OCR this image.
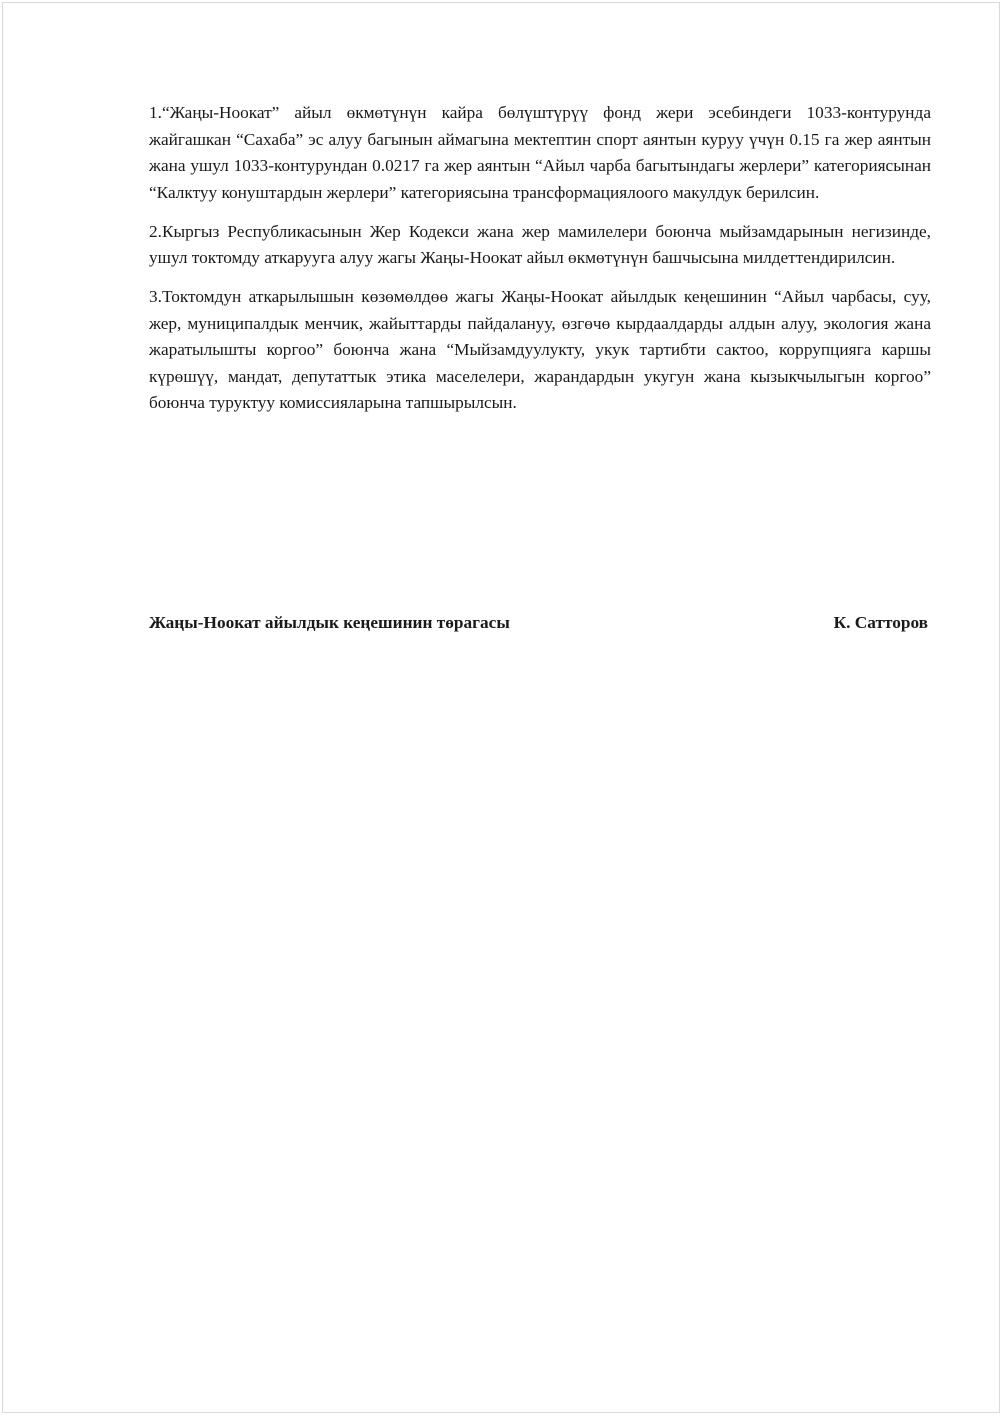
1.“Жаңы-Ноокат” айыл өкмөтүнүн кайра бөлүштүрүү фонд жери эсебиндеги 1033-контурунда жайгашкан “Сахаба” эс алуу багынын аймагына мектептин спорт аянтын куруу үчүн 0.15 га жер аянтын жана ушул 1033-контурундан 0.0217 га жер аянтын “Айыл чарба багытындагы жерлери” категориясынан “Калктуу конуштардын жерлери” категориясына трансформациялоого макулдук берилсин.

2.Кыргыз Республикасынын Жер Кодекси жана жер мамилелери боюнча мыйзамдарынын негизинде, ушул токтомду аткарууга алуу жагы Жаңы-Ноокат айыл өкмөтүнүн башчысына милдеттендирилсин.

3.Токтомдун аткарылышын көзөмөлдөө жагы Жаңы-Ноокат айылдык кеңешинин “Айыл чарбасы, суу, жер, муниципалдык менчик, жайыттарды пайдалануу, өзгөчө кырдаалдарды алдын алуу, экология жана жаратылышты коргоо” боюнча жана “Мыйзамдуулукту, укук тартибти сактоо, коррупцияга каршы күрөшүү, мандат, депутаттык этика маселелери, жарандардын укугун жана кызыкчылыгын коргоо” боюнча туруктуу комиссияларына тапшырылсын.

Жаңы-Ноокат айылдык кеңешинин төрагасы	К. Сатторов
